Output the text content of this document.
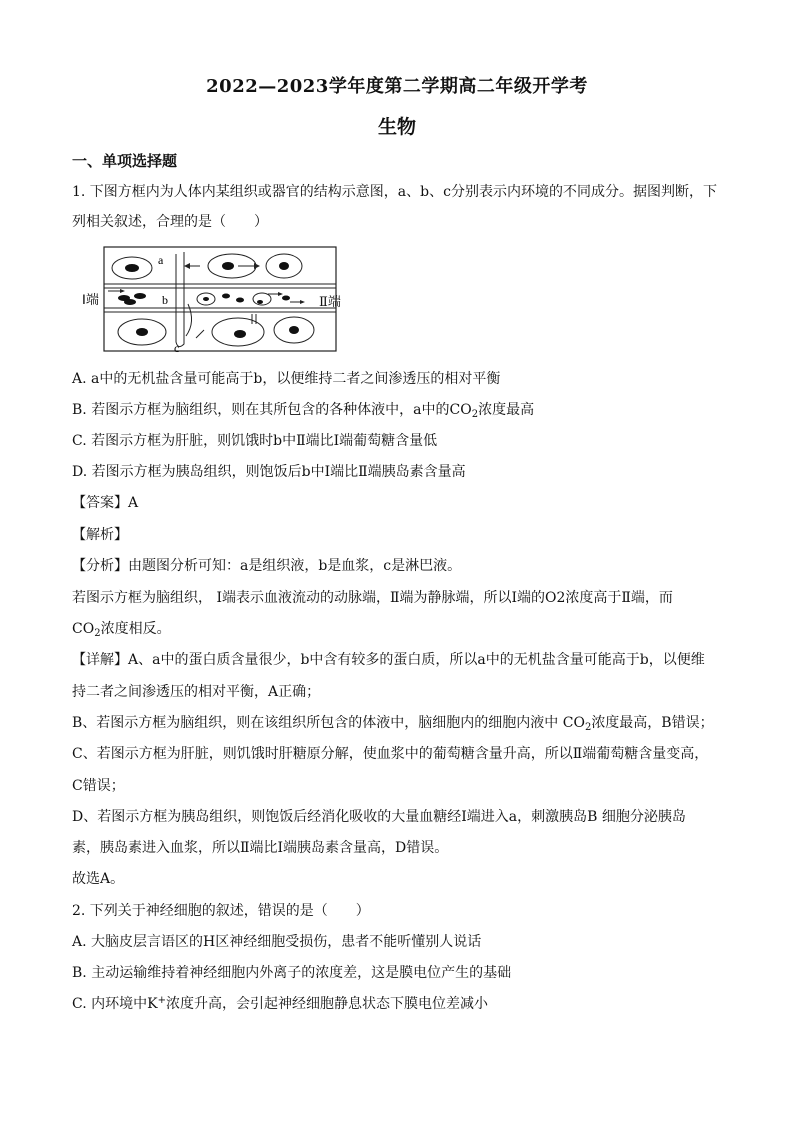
2022—2023学年度第二学期高二年级开学考
生物
一、单项选择题
1. 下图方框内为人体内某组织或器官的结构示意图，a、b、c分别表示内环境的不同成分。据图判断，下
列相关叙述，合理的是（　　）
Ⅰ端
a
b
c
Ⅱ端
A. a中的无机盐含量可能高于b，以便维持二者之间渗透压的相对平衡
B. 若图示方框为脑组织，则在其所包含的各种体液中，a中的$CO_2$浓度最高
C. 若图示方框为肝脏，则饥饿时b中Ⅱ端比Ⅰ端葡萄糖含量低
D. 若图示方框为胰岛组织，则饱饭后b中Ⅰ端比Ⅱ端胰岛素含量高
【答案】A
【解析】
【分析】由题图分析可知：a是组织液，b是血浆，c是淋巴液。
若图示方框为脑组织， Ⅰ端表示血液流动的动脉端，Ⅱ端为静脉端，所以Ⅰ端的O2浓度高于Ⅱ端，而
$CO_2$浓度相反。
【详解】A、a中的蛋白质含量很少，b中含有较多的蛋白质，所以a中的无机盐含量可能高于b，以便维
持二者之间渗透压的相对平衡，A正确；
B、若图示方框为脑组织，则在该组织所包含的体液中，脑细胞内的细胞内液中 $CO_2$浓度最高，B错误；
C、若图示方框为肝脏，则饥饿时肝糖原分解，使血浆中的葡萄糖含量升高，所以Ⅱ端葡萄糖含量变高，
C错误；
D、若图示方框为胰岛组织，则饱饭后经消化吸收的大量血糖经Ⅰ端进入a，刺激胰岛B 细胞分泌胰岛
素，胰岛素进入血浆，所以Ⅱ端比Ⅰ端胰岛素含量高，D错误。
故选A。
2. 下列关于神经细胞的叙述，错误的是（　　）
A. 大脑皮层言语区的H区神经细胞受损伤，患者不能听懂别人说话
B. 主动运输维持着神经细胞内外离子的浓度差，这是膜电位产生的基础
C. 内环境中K+浓度升高，会引起神经细胞静息状态下膜电位差减小
